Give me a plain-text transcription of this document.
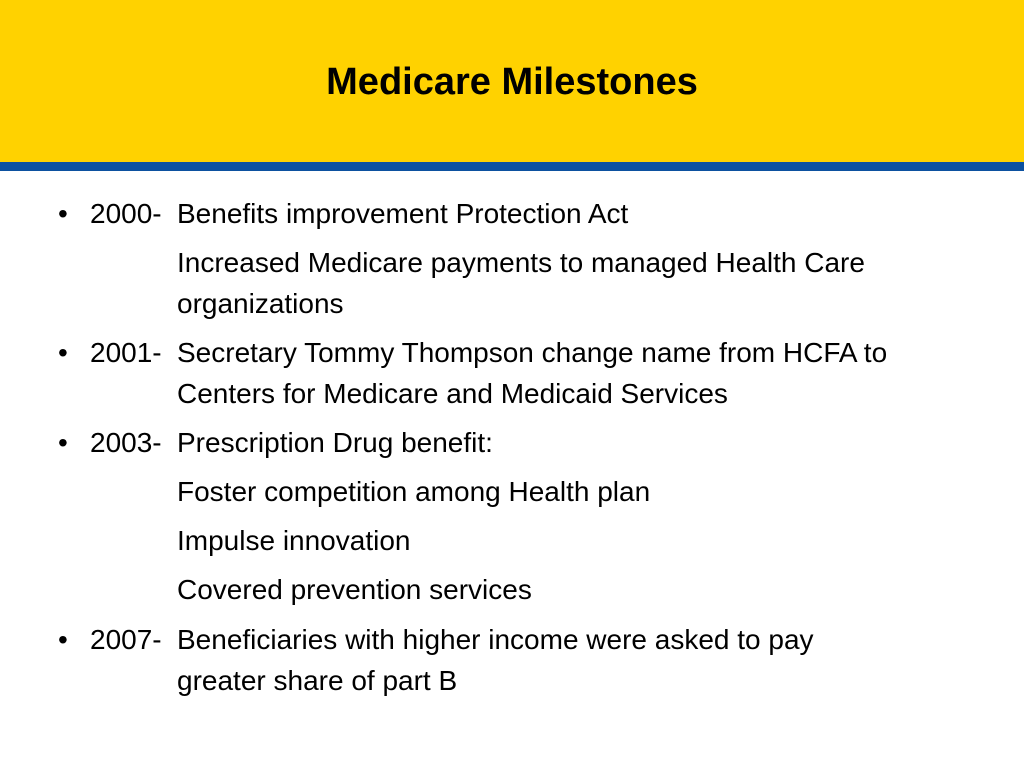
Medicare Milestones
• 2000- Benefits improvement Protection Act
Increased Medicare payments to managed Health Care
organizations
• 2001- Secretary Tommy Thompson change name from HCFA to
Centers for Medicare and Medicaid Services
• 2003- Prescription Drug benefit:
Foster competition among Health plan
Impulse innovation
Covered prevention services
• 2007- Beneficiaries with higher income were asked to pay
greater share of part B
